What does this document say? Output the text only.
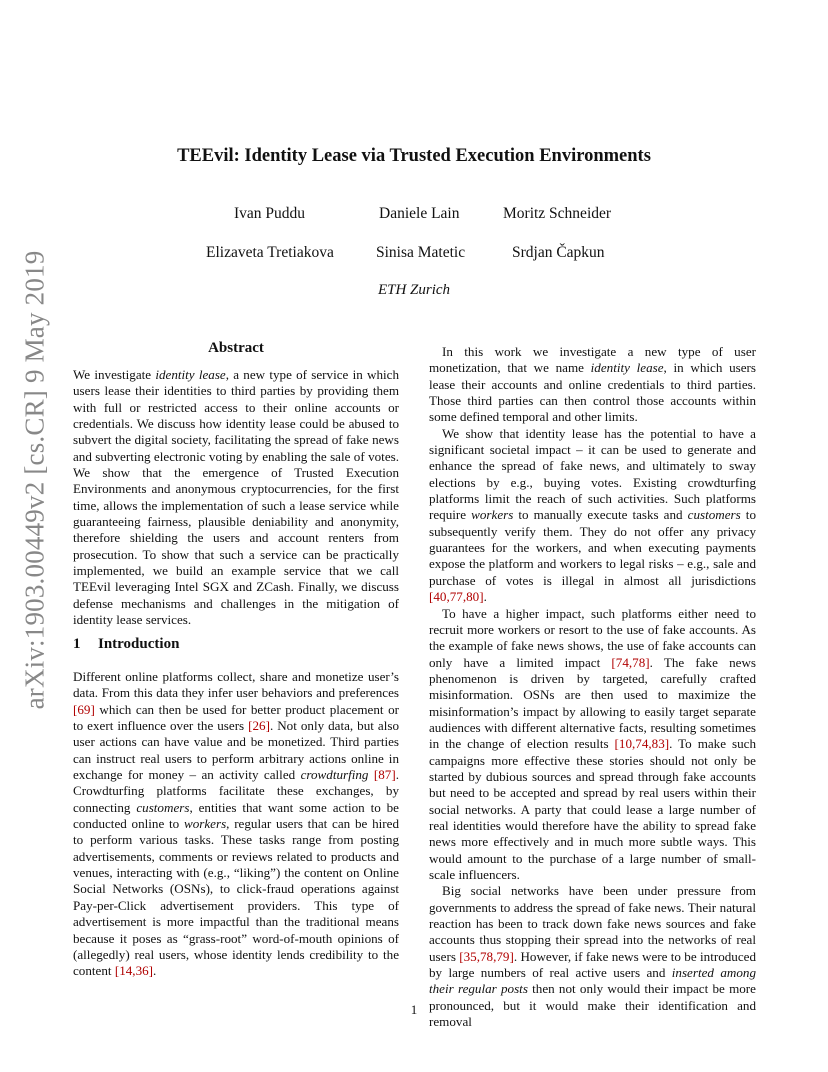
arXiv:1903.00449v2 [cs.CR] 9 May 2019
TEEvil: Identity Lease via Trusted Execution Environments
Ivan Puddu	Daniele Lain	Moritz Schneider
Elizaveta Tretiakova	Sinisa Matetic	Srdjan Čapkun
ETH Zurich
Abstract

We investigate identity lease, a new type of service in which users lease their identities to third parties by providing them with full or restricted access to their online accounts or credentials. We discuss how identity lease could be abused to subvert the digital society, facilitating the spread of fake news and subverting electronic voting by enabling the sale of votes. We show that the emergence of Trusted Execution Environments and anonymous cryptocurrencies, for the first time, allows the implementation of such a lease service while guaranteeing fairness, plausible deniability and anonymity, therefore shielding the users and account renters from prosecution. To show that such a service can be practically implemented, we build an example service that we call TEEvil leveraging Intel SGX and ZCash. Finally, we discuss defense mechanisms and challenges in the mitigation of identity lease services.

1 Introduction

Different online platforms collect, share and monetize user’s data. From this data they infer user behaviors and preferences [69] which can then be used for better product placement or to exert influence over the users [26]. Not only data, but also user actions can have value and be monetized. Third parties can instruct real users to perform arbitrary actions online in exchange for money – an activity called crowdturfing [87]. Crowdturfing platforms facilitate these exchanges, by connecting customers, entities that want some action to be conducted online to workers, regular users that can be hired to perform various tasks. These tasks range from posting advertisements, comments or reviews related to products and venues, interacting with (e.g., “liking”) the content on Online Social Networks (OSNs), to click-fraud operations against Pay-per-Click advertisement providers. This type of advertisement is more impactful than the traditional means because it poses as “grass-root” word-of-mouth opinions of (allegedly) real users, whose identity lends credibility to the content [14,36].

In this work we investigate a new type of user monetization, that we name identity lease, in which users lease their accounts and online credentials to third parties. Those third parties can then control those accounts within some defined temporal and other limits.

We show that identity lease has the potential to have a significant societal impact – it can be used to generate and enhance the spread of fake news, and ultimately to sway elections by e.g., buying votes. Existing crowdturfing platforms limit the reach of such activities. Such platforms require workers to manually execute tasks and customers to subsequently verify them. They do not offer any privacy guarantees for the workers, and when executing payments expose the platform and workers to legal risks – e.g., sale and purchase of votes is illegal in almost all jurisdictions [40,77,80].

To have a higher impact, such platforms either need to recruit more workers or resort to the use of fake accounts. As the example of fake news shows, the use of fake accounts can only have a limited impact [74,78]. The fake news phenomenon is driven by targeted, carefully crafted misinformation. OSNs are then used to maximize the misinformation’s impact by allowing to easily target separate audiences with different alternative facts, resulting sometimes in the change of election results [10,74,83]. To make such campaigns more effective these stories should not only be started by dubious sources and spread through fake accounts but need to be accepted and spread by real users within their social networks. A party that could lease a large number of real identities would therefore have the ability to spread fake news more effectively and in much more subtle ways. This would amount to the purchase of a large number of small-scale influencers.

Big social networks have been under pressure from governments to address the spread of fake news. Their natural reaction has been to track down fake news sources and fake accounts thus stopping their spread into the networks of real users [35,78,79]. However, if fake news were to be introduced by large numbers of real active users and inserted among their regular posts then not only would their impact be more pronounced, but it would make their identification and removal

1
